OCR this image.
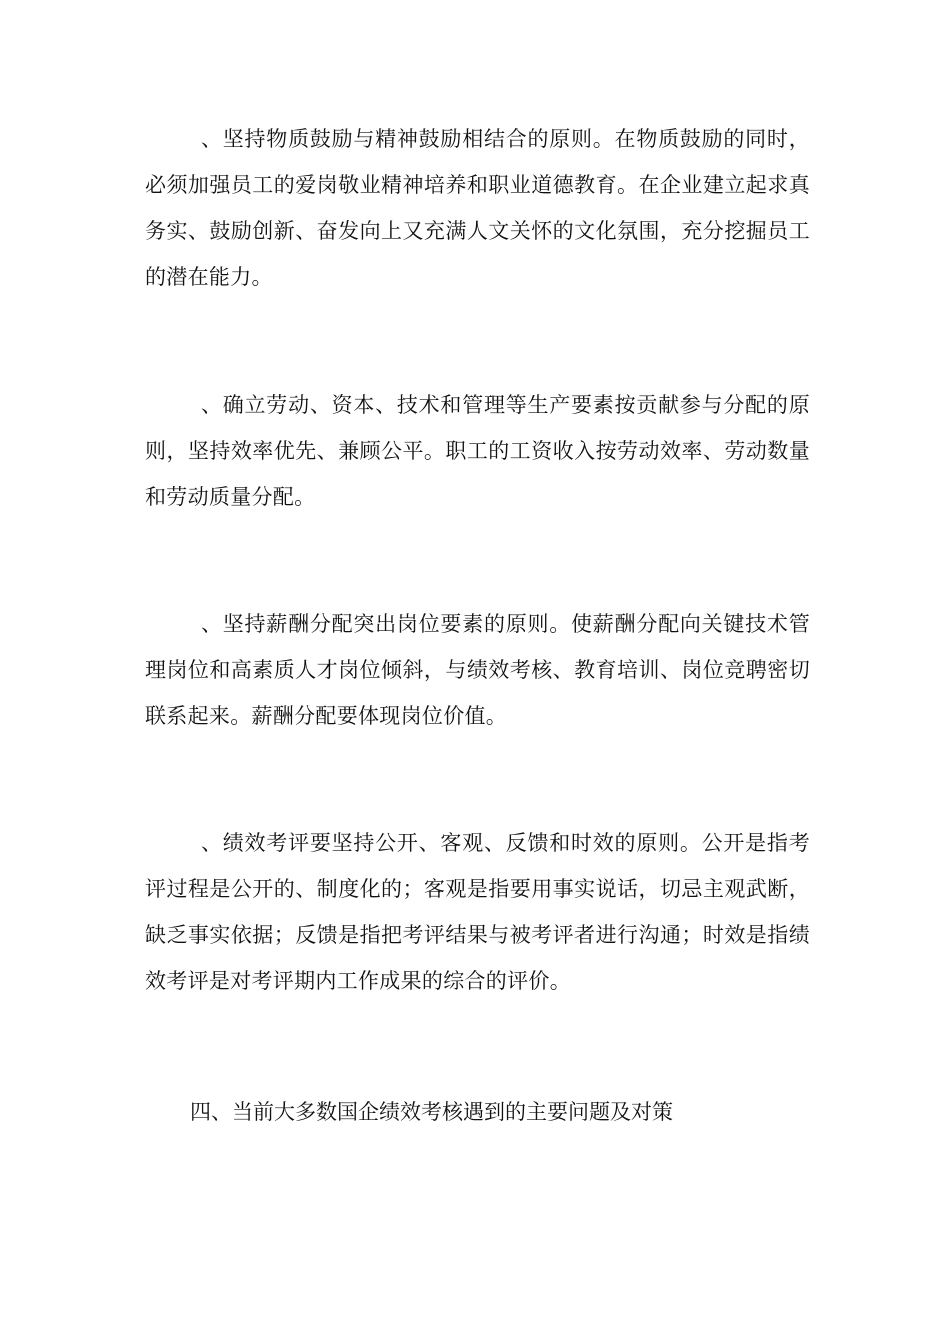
、坚持物质鼓励与精神鼓励相结合的原则。在物质鼓励的同时，必须加强员工的爱岗敬业精神培养和职业道德教育。在企业建立起求真务实、鼓励创新、奋发向上又充满人文关怀的文化氛围，充分挖掘员工的潜在能力。

、确立劳动、资本、技术和管理等生产要素按贡献参与分配的原则，坚持效率优先、兼顾公平。职工的工资收入按劳动效率、劳动数量和劳动质量分配。

、坚持薪酬分配突出岗位要素的原则。使薪酬分配向关键技术管理岗位和高素质人才岗位倾斜，与绩效考核、教育培训、岗位竞聘密切联系起来。薪酬分配要体现岗位价值。

、绩效考评要坚持公开、客观、反馈和时效的原则。公开是指考评过程是公开的、制度化的；客观是指要用事实说话，切忌主观武断，缺乏事实依据；反馈是指把考评结果与被考评者进行沟通；时效是指绩效考评是对考评期内工作成果的综合的评价。

四、当前大多数国企绩效考核遇到的主要问题及对策
